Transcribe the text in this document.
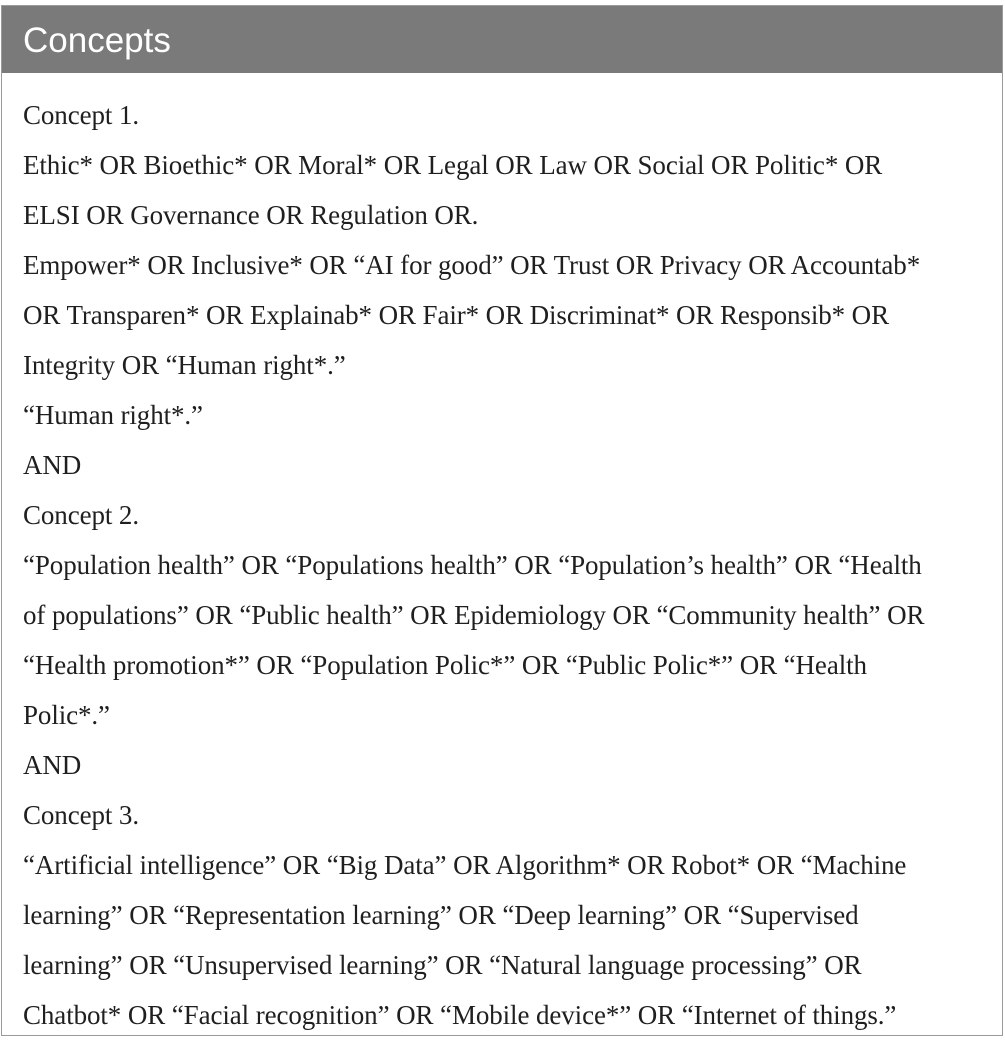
Concepts
Concept 1.
Ethic* OR Bioethic* OR Moral* OR Legal OR Law OR Social OR Politic* OR
ELSI OR Governance OR Regulation OR.
Empower* OR Inclusive* OR “AI for good” OR Trust OR Privacy OR Accountab*
OR Transparen* OR Explainab* OR Fair* OR Discriminat* OR Responsib* OR
Integrity OR “Human right*.”
“Human right*.”
AND
Concept 2.
“Population health” OR “Populations health” OR “Population’s health” OR “Health
of populations” OR “Public health” OR Epidemiology OR “Community health” OR
“Health promotion*” OR “Population Polic*” OR “Public Polic*” OR “Health
Polic*.”
AND
Concept 3.
“Artificial intelligence” OR “Big Data” OR Algorithm* OR Robot* OR “Machine
learning” OR “Representation learning” OR “Deep learning” OR “Supervised
learning” OR “Unsupervised learning” OR “Natural language processing” OR
Chatbot* OR “Facial recognition” OR “Mobile device*” OR “Internet of things.”
